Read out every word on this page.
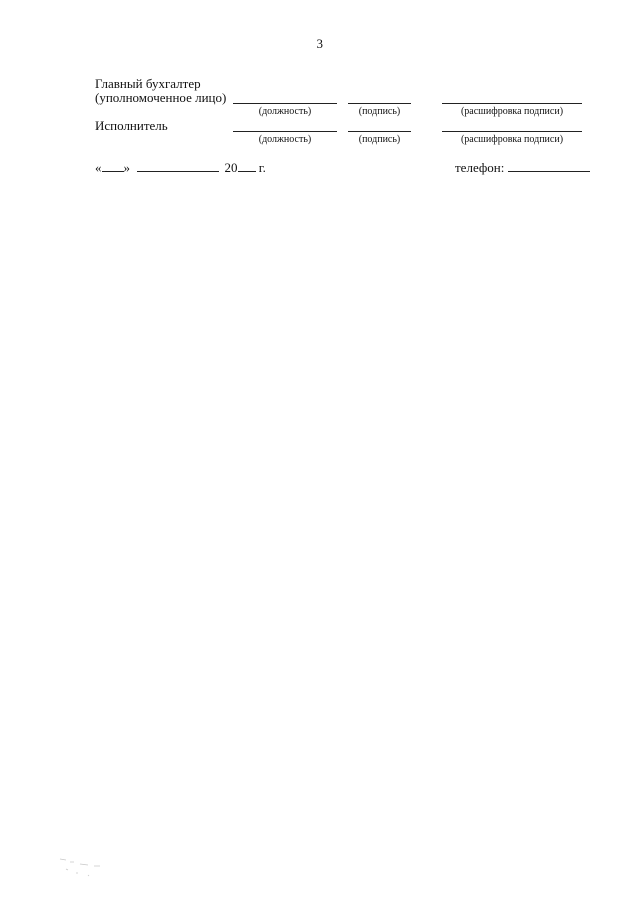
3
Главный бухгалтер
(уполномоченное лицо)
(должность)	(подпись)	(расшифровка подписи)
Исполнитель
(должность)	(подпись)	(расшифровка подписи)
« »	20 г.	телефон:
